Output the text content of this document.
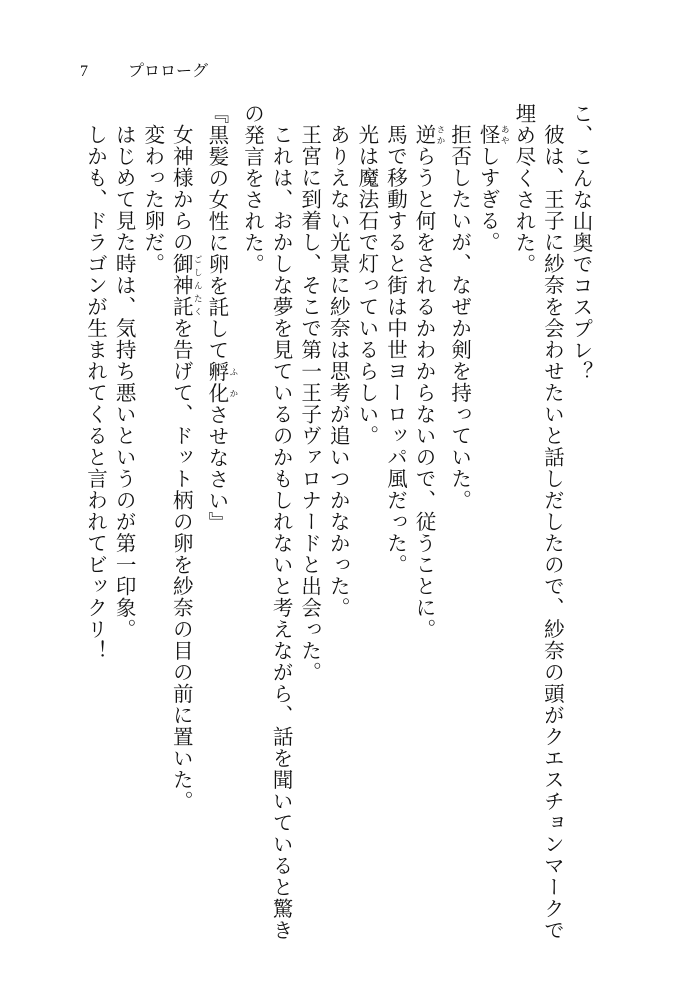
7	プロローグ

こ、こんな山奥でコスプレ？

彼は、王子に紗奈を会わせたいと話しだしたので、紗奈の頭がクエスチョンマークで埋め尽くされた。

怪 あやしすぎる。

拒否したいが、なぜか剣を持っていた。

逆 さからうと何をされるかわからないので、従うことに。

馬で移動すると街は中世ヨーロッパ風だった。

光は魔法石で灯っているらしい。

ありえない光景に紗奈は思考が追いつかなかった。

王宮に到着し、そこで第一王子ヴァロナードと出会った。

これは、おかしな夢を見ているのかもしれないと考えながら、話を聞いていると驚きの発言をされた。

『黒髪の女性に卵を託して孵化 ふかさせなさい』

女神様からの御神託 ごしんたくを告げて、ドット柄の卵を紗奈の目の前に置いた。

変わった卵だ。

はじめて見た時は、気持ち悪いというのが第一印象。

しかも、ドラゴンが生まれてくると言われてビックリ！
